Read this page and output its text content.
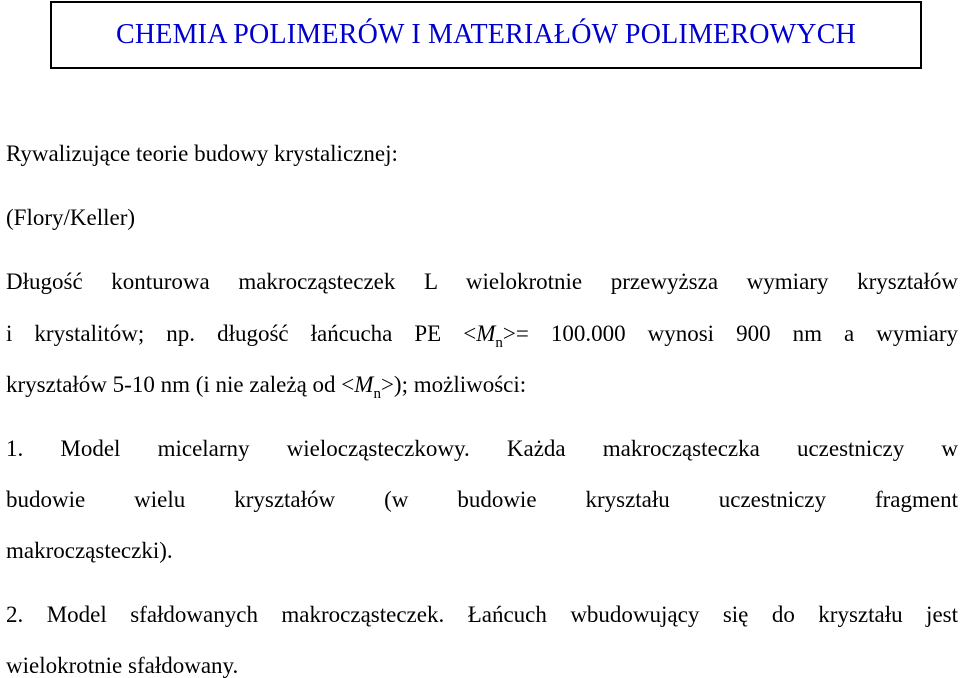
CHEMIA POLIMERÓW I MATERIAŁÓW POLIMEROWYCH
Rywalizujące teorie budowy krystalicznej:
(Flory/Keller)
Długość konturowa makrocząsteczek L wielokrotnie przewyższa wymiary kryształów
i krystalitów; np. długość łańcucha PE $<M_n>= 100.000$ wynosi 900 nm a wymiary
kryształów 5-10 nm (i nie zależą od $<M_n>$); możliwości:
1. Model micelarny wielocząsteczkowy. Każda makrocząsteczka uczestniczy w
budowie wielu kryształów (w budowie kryształu uczestniczy fragment
makrocząsteczki).
2. Model sfałdowanych makrocząsteczek. Łańcuch wbudowujący się do kryształu jest
wielokrotnie sfałdowany.
